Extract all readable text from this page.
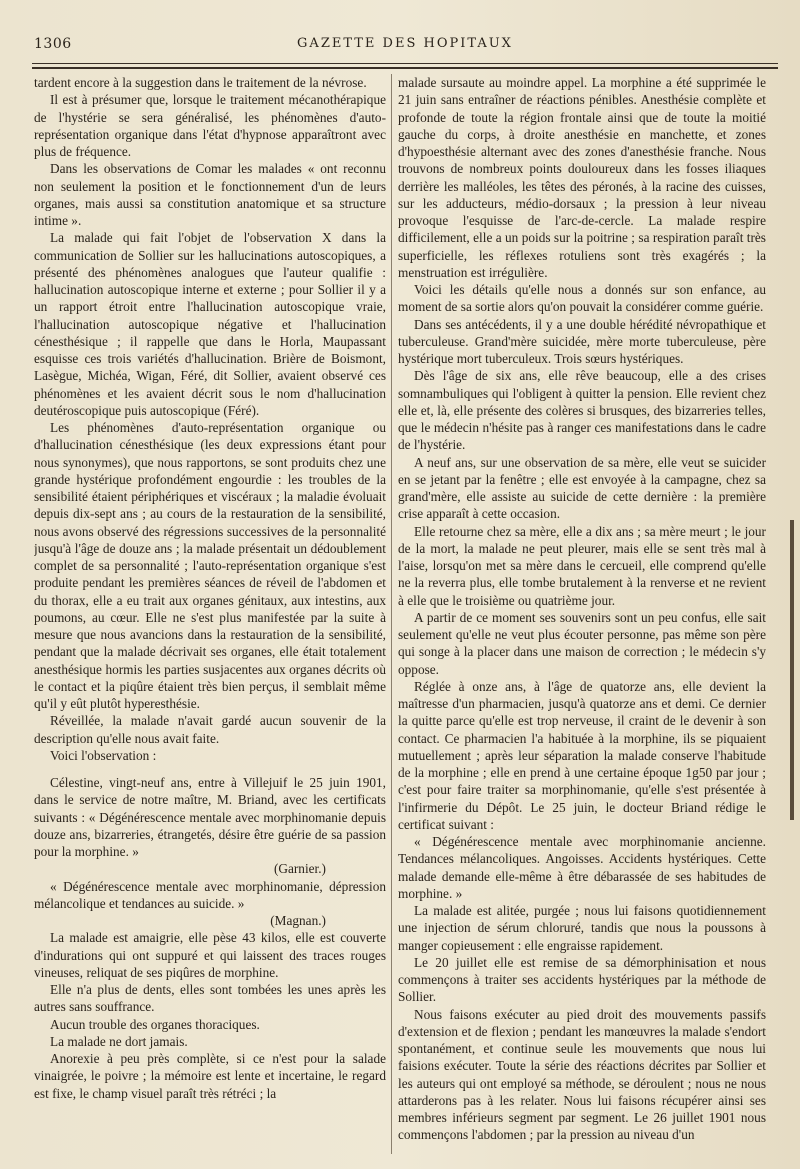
1306	GAZETTE DES HOPITAUX

tardent encore à la suggestion dans le traitement de la névrose.

Il est à présumer que, lorsque le traitement mécanothérapique de l'hystérie se sera généralisé, les phénomènes d'auto-représentation organique dans l'état d'hypnose apparaîtront avec plus de fréquence.

Dans les observations de Comar les malades « ont reconnu non seulement la position et le fonctionnement d'un de leurs organes, mais aussi sa constitution anatomique et sa structure intime ».

La malade qui fait l'objet de l'observation X dans la communication de Sollier sur les hallucinations autoscopiques, a présenté des phénomènes analogues que l'auteur qualifie : hallucination autoscopique interne et externe ; pour Sollier il y a un rapport étroit entre l'hallucination autoscopique vraie, l'hallucination autoscopique négative et l'hallucination cénesthésique ; il rappelle que dans le Horla, Maupassant esquisse ces trois variétés d'hallucination. Brière de Boismont, Lasègue, Michéa, Wigan, Féré, dit Sollier, avaient observé ces phénomènes et les avaient décrit sous le nom d'hallucination deutéroscopique puis autoscopique (Féré).

Les phénomènes d'auto-représentation organique ou d'hallucination cénesthésique (les deux expressions étant pour nous synonymes), que nous rapportons, se sont produits chez une grande hystérique profondément engourdie : les troubles de la sensibilité étaient périphériques et viscéraux ; la maladie évoluait depuis dix-sept ans ; au cours de la restauration de la sensibilité, nous avons observé des régressions successives de la personnalité jusqu'à l'âge de douze ans ; la malade présentait un dédoublement complet de sa personnalité ; l'auto-représentation organique s'est produite pendant les premières séances de réveil de l'abdomen et du thorax, elle a eu trait aux organes génitaux, aux intestins, aux poumons, au cœur. Elle ne s'est plus manifestée par la suite à mesure que nous avancions dans la restauration de la sensibilité, pendant que la malade décrivait ses organes, elle était totalement anesthésique hormis les parties susjacentes aux organes décrits où le contact et la piqûre étaient très bien perçus, il semblait même qu'il y eût plutôt hyperesthésie.

Réveillée, la malade n'avait gardé aucun souvenir de la description qu'elle nous avait faite.

Voici l'observation :

Célestine, vingt-neuf ans, entre à Villejuif le 25 juin 1901, dans le service de notre maître, M. Briand, avec les certificats suivants : « Dégénérescence mentale avec morphinomanie depuis douze ans, bizarreries, étrangetés, désire être guérie de sa passion pour la morphine. »

(Garnier.)

« Dégénérescence mentale avec morphinomanie, dépression mélancolique et tendances au suicide. »

(Magnan.)

La malade est amaigrie, elle pèse 43 kilos, elle est couverte d'indurations qui ont suppuré et qui laissent des traces rouges vineuses, reliquat de ses piqûres de morphine.

Elle n'a plus de dents, elles sont tombées les unes après les autres sans souffrance.

Aucun trouble des organes thoraciques.

La malade ne dort jamais.

Anorexie à peu près complète, si ce n'est pour la salade vinaigrée, le poivre ; la mémoire est lente et incertaine, le regard est fixe, le champ visuel paraît très rétréci ; la

malade sursaute au moindre appel. La morphine a été supprimée le 21 juin sans entraîner de réactions pénibles. Anesthésie complète et profonde de toute la région frontale ainsi que de toute la moitié gauche du corps, à droite anesthésie en manchette, et zones d'hypoesthésie alternant avec des zones d'anesthésie franche. Nous trouvons de nombreux points douloureux dans les fosses iliaques derrière les malléoles, les têtes des péronés, à la racine des cuisses, sur les adducteurs, médio-dorsaux ; la pression à leur niveau provoque l'esquisse de l'arc-de-cercle. La malade respire difficilement, elle a un poids sur la poitrine ; sa respiration paraît très superficielle, les réflexes rotuliens sont très exagérés ; la menstruation est irrégulière.

Voici les détails qu'elle nous a donnés sur son enfance, au moment de sa sortie alors qu'on pouvait la considérer comme guérie.

Dans ses antécédents, il y a une double hérédité névropathique et tuberculeuse. Grand'mère suicidée, mère morte tuberculeuse, père hystérique mort tuberculeux. Trois sœurs hystériques.

Dès l'âge de six ans, elle rêve beaucoup, elle a des crises somnambuliques qui l'obligent à quitter la pension. Elle revient chez elle et, là, elle présente des colères si brusques, des bizarreries telles, que le médecin n'hésite pas à ranger ces manifestations dans le cadre de l'hystérie.

A neuf ans, sur une observation de sa mère, elle veut se suicider en se jetant par la fenêtre ; elle est envoyée à la campagne, chez sa grand'mère, elle assiste au suicide de cette dernière : la première crise apparaît à cette occasion.

Elle retourne chez sa mère, elle a dix ans ; sa mère meurt ; le jour de la mort, la malade ne peut pleurer, mais elle se sent très mal à l'aise, lorsqu'on met sa mère dans le cercueil, elle comprend qu'elle ne la reverra plus, elle tombe brutalement à la renverse et ne revient à elle que le troisième ou quatrième jour.

A partir de ce moment ses souvenirs sont un peu confus, elle sait seulement qu'elle ne veut plus écouter personne, pas même son père qui songe à la placer dans une maison de correction ; le médecin s'y oppose.

Réglée à onze ans, à l'âge de quatorze ans, elle devient la maîtresse d'un pharmacien, jusqu'à quatorze ans et demi. Ce dernier la quitte parce qu'elle est trop nerveuse, il craint de le devenir à son contact. Ce pharmacien l'a habituée à la morphine, ils se piquaient mutuellement ; après leur séparation la malade conserve l'habitude de la morphine ; elle en prend à une certaine époque 1g50 par jour ; c'est pour faire traiter sa morphinomanie, qu'elle s'est présentée à l'infirmerie du Dépôt. Le 25 juin, le docteur Briand rédige le certificat suivant :

« Dégénérescence mentale avec morphinomanie ancienne. Tendances mélancoliques. Angoisses. Accidents hystériques. Cette malade demande elle-même à être débarassée de ses habitudes de morphine. »

La malade est alitée, purgée ; nous lui faisons quotidiennement une injection de sérum chloruré, tandis que nous la poussons à manger copieusement : elle engraisse rapidement.

Le 20 juillet elle est remise de sa démorphinisation et nous commençons à traiter ses accidents hystériques par la méthode de Sollier.

Nous faisons exécuter au pied droit des mouvements passifs d'extension et de flexion ; pendant les manœuvres la malade s'endort spontanément, et continue seule les mouvements que nous lui faisions exécuter. Toute la série des réactions décrites par Sollier et les auteurs qui ont employé sa méthode, se déroulent ; nous ne nous attarderons pas à les relater. Nous lui faisons récupérer ainsi ses membres inférieurs segment par segment. Le 26 juillet 1901 nous commençons l'abdomen ; par la pression au niveau d'un
